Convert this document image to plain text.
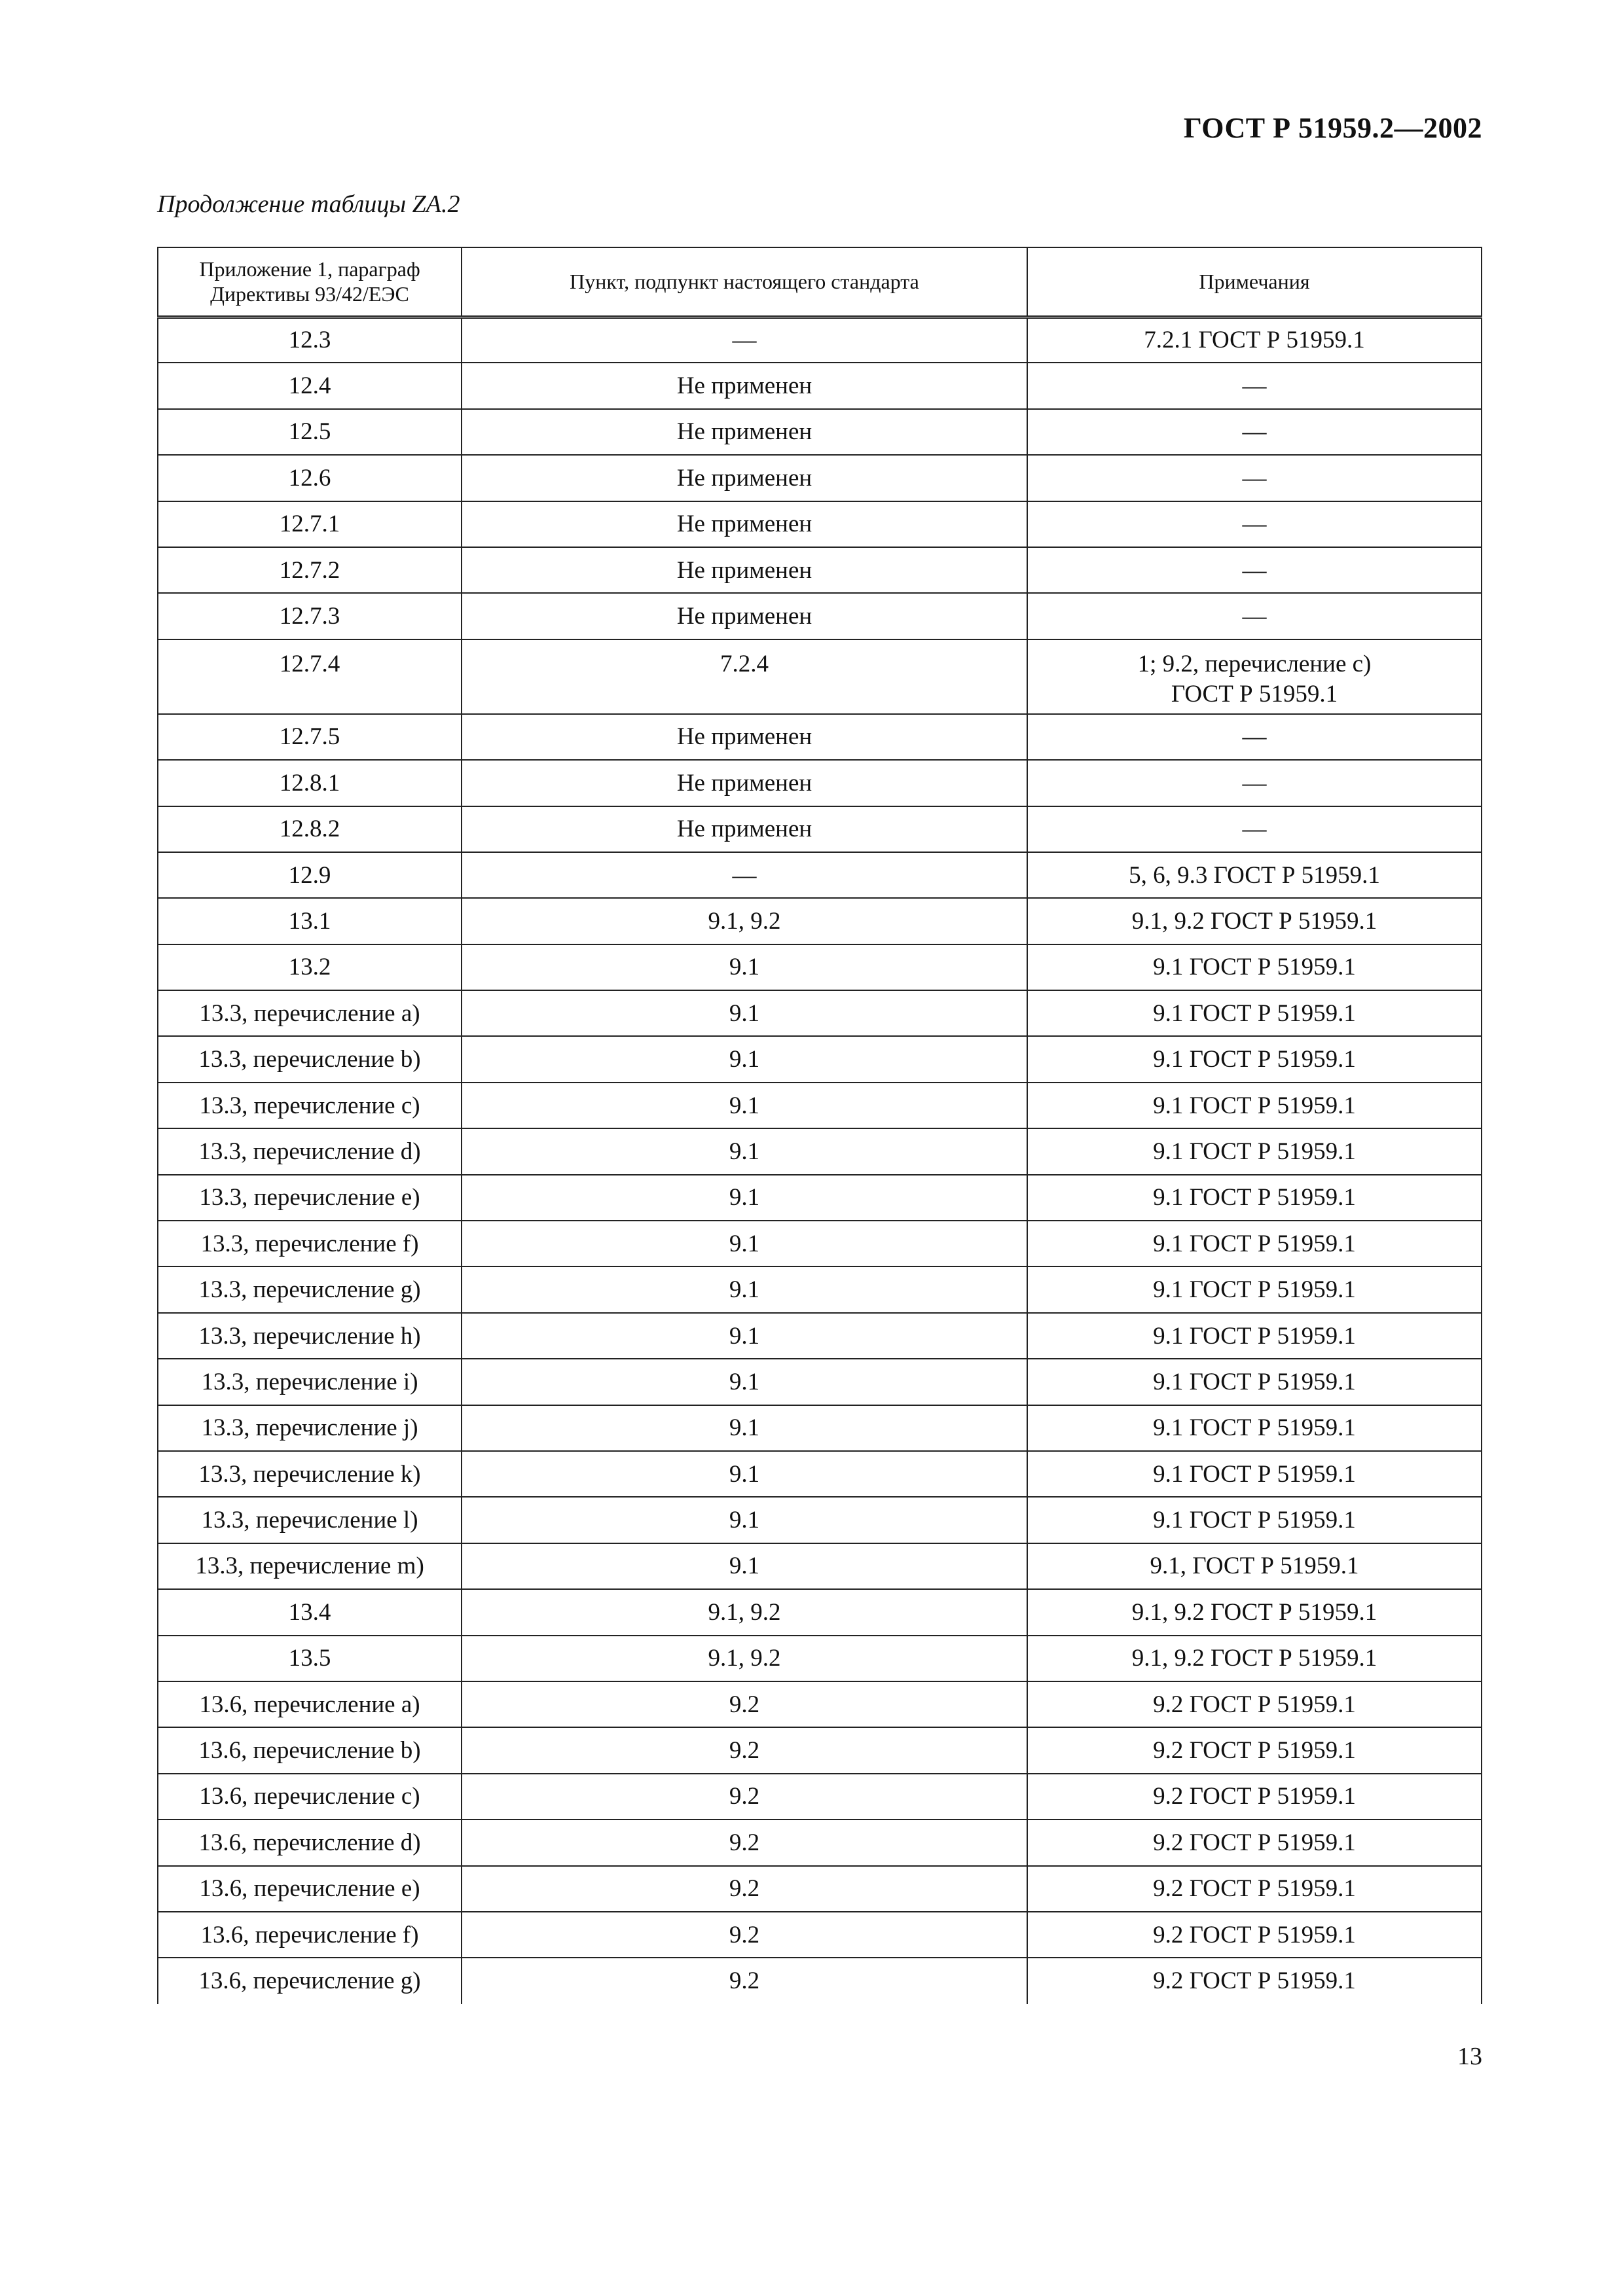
ГОСТ Р 51959.2—2002
Продолжение таблицы ZA.2
Приложение 1, параграф Директивы 93/42/ЕЭС	Пункт, подпункт настоящего стандарта	Примечания
12.3	—	7.2.1 ГОСТ Р 51959.1
12.4	Не применен	—
12.5	Не применен	—
12.6	Не применен	—
12.7.1	Не применен	—
12.7.2	Не применен	—
12.7.3	Не применен	—
12.7.4	7.2.4	1; 9.2, перечисление c)
ГОСТ Р 51959.1
12.7.5	Не применен	—
12.8.1	Не применен	—
12.8.2	Не применен	—
12.9	—	5, 6, 9.3 ГОСТ Р 51959.1
13.1	9.1, 9.2	9.1, 9.2 ГОСТ Р 51959.1
13.2	9.1	9.1 ГОСТ Р 51959.1
13.3, перечисление a)	9.1	9.1 ГОСТ Р 51959.1
13.3, перечисление b)	9.1	9.1 ГОСТ Р 51959.1
13.3, перечисление c)	9.1	9.1 ГОСТ Р 51959.1
13.3, перечисление d)	9.1	9.1 ГОСТ Р 51959.1
13.3, перечисление e)	9.1	9.1 ГОСТ Р 51959.1
13.3, перечисление f)	9.1	9.1 ГОСТ Р 51959.1
13.3, перечисление g)	9.1	9.1 ГОСТ Р 51959.1
13.3, перечисление h)	9.1	9.1 ГОСТ Р 51959.1
13.3, перечисление i)	9.1	9.1 ГОСТ Р 51959.1
13.3, перечисление j)	9.1	9.1 ГОСТ Р 51959.1
13.3, перечисление k)	9.1	9.1 ГОСТ Р 51959.1
13.3, перечисление l)	9.1	9.1 ГОСТ Р 51959.1
13.3, перечисление m)	9.1	9.1, ГОСТ Р 51959.1
13.4	9.1, 9.2	9.1, 9.2 ГОСТ Р 51959.1
13.5	9.1, 9.2	9.1, 9.2 ГОСТ Р 51959.1
13.6, перечисление a)	9.2	9.2 ГОСТ Р 51959.1
13.6, перечисление b)	9.2	9.2 ГОСТ Р 51959.1
13.6, перечисление c)	9.2	9.2 ГОСТ Р 51959.1
13.6, перечисление d)	9.2	9.2 ГОСТ Р 51959.1
13.6, перечисление e)	9.2	9.2 ГОСТ Р 51959.1
13.6, перечисление f)	9.2	9.2 ГОСТ Р 51959.1
13.6, перечисление g)	9.2	9.2 ГОСТ Р 51959.1
13
